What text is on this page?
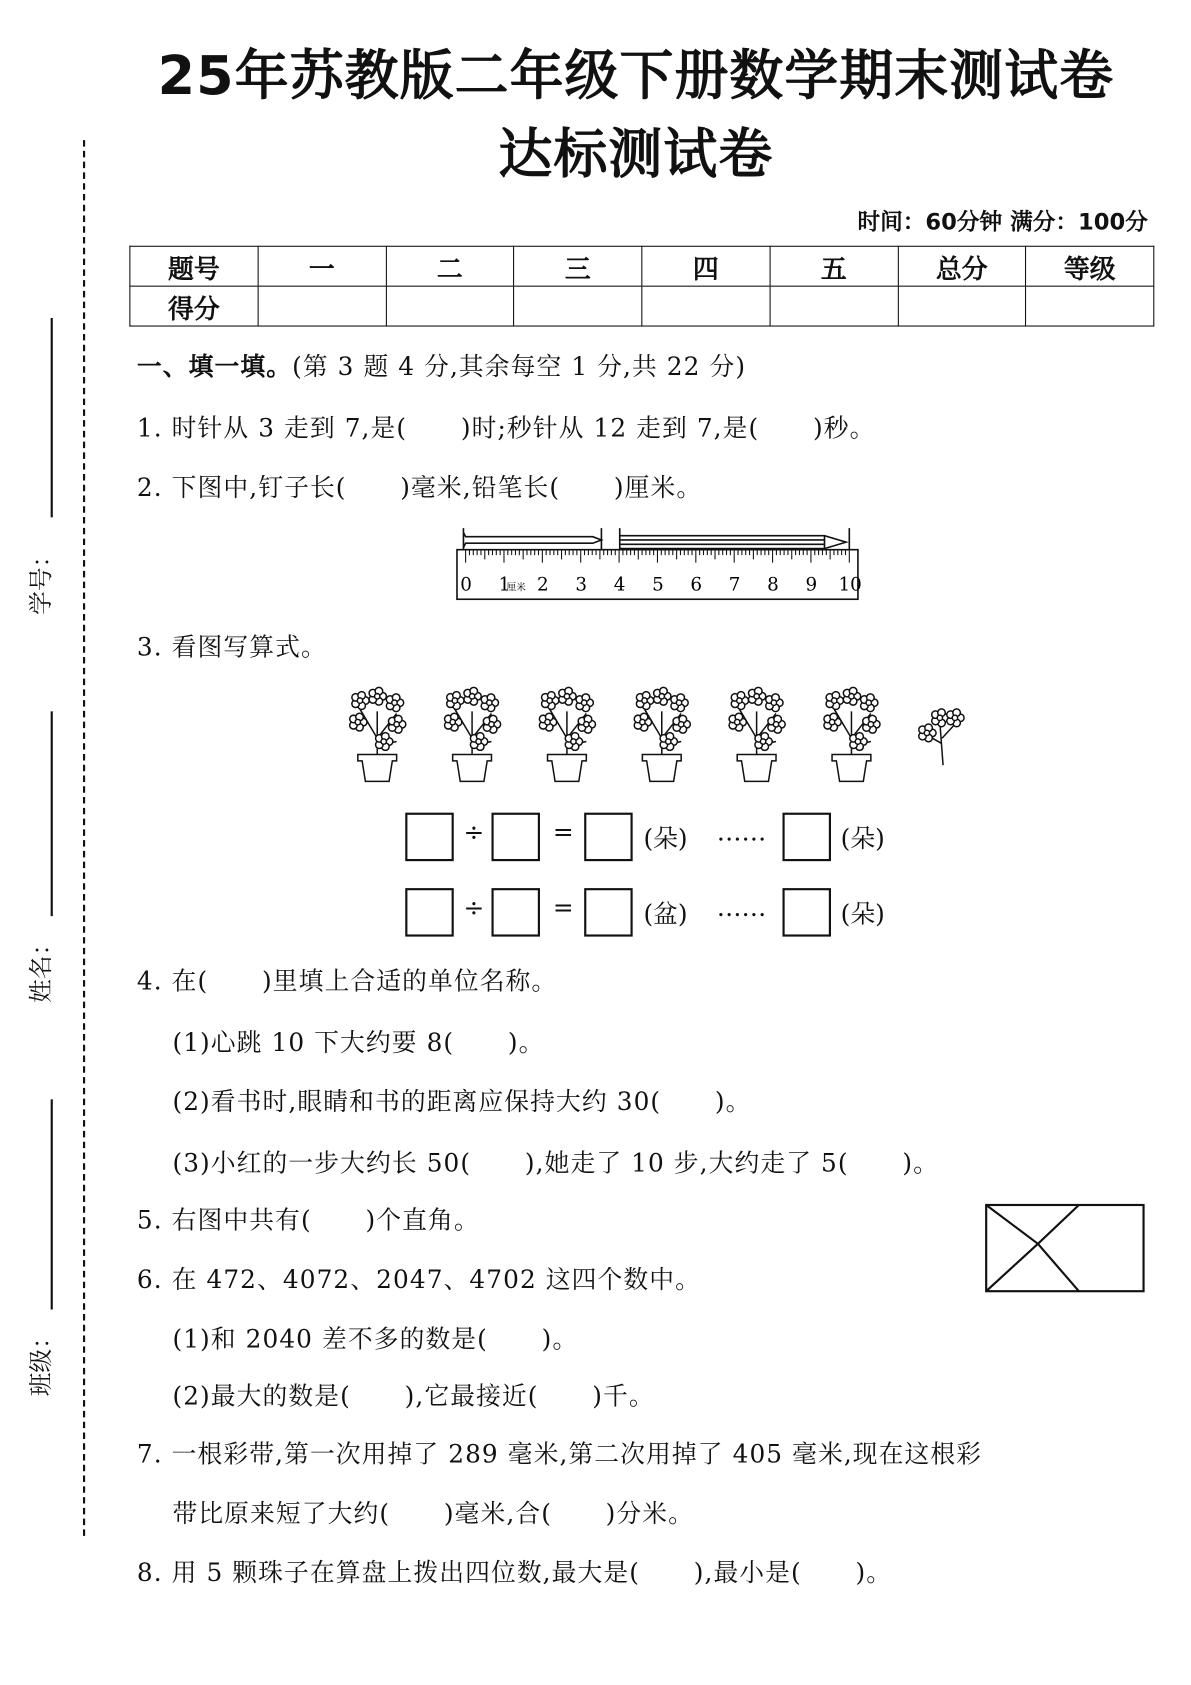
25年苏教版二年级下册数学期末测试卷
达标测试卷
时间：60分钟 满分：100分
题号	一	二	三	四	五	总分	等级
得分							
学号：
姓名：
班级：
一、填一填。(第 3 题 4 分,其余每空 1 分,共 22 分)
1. 时针从 3 走到 7,是(      )时;秒针从 12 走到 7,是(      )秒。
2. 下图中,钉子长(      )毫米,铅笔长(      )厘米。
厘米
0 1 2 3 4 5 6 7 8 9 10
3. 看图写算式。
÷	=	(朵) ……	(朵)
÷	=	(盆) ……	(朵)
4. 在(      )里填上合适的单位名称。
(1)心跳 10 下大约要 8(      )。
(2)看书时,眼睛和书的距离应保持大约 30(      )。
(3)小红的一步大约长 50(      ),她走了 10 步,大约走了 5(      )。
5. 右图中共有(      )个直角。
6. 在 472、4072、2047、4702 这四个数中。
(1)和 2040 差不多的数是(      )。
(2)最大的数是(      ),它最接近(      )千。
7. 一根彩带,第一次用掉了 289 毫米,第二次用掉了 405 毫米,现在这根彩
带比原来短了大约(      )毫米,合(      )分米。
8. 用 5 颗珠子在算盘上拨出四位数,最大是(      ),最小是(      )。
